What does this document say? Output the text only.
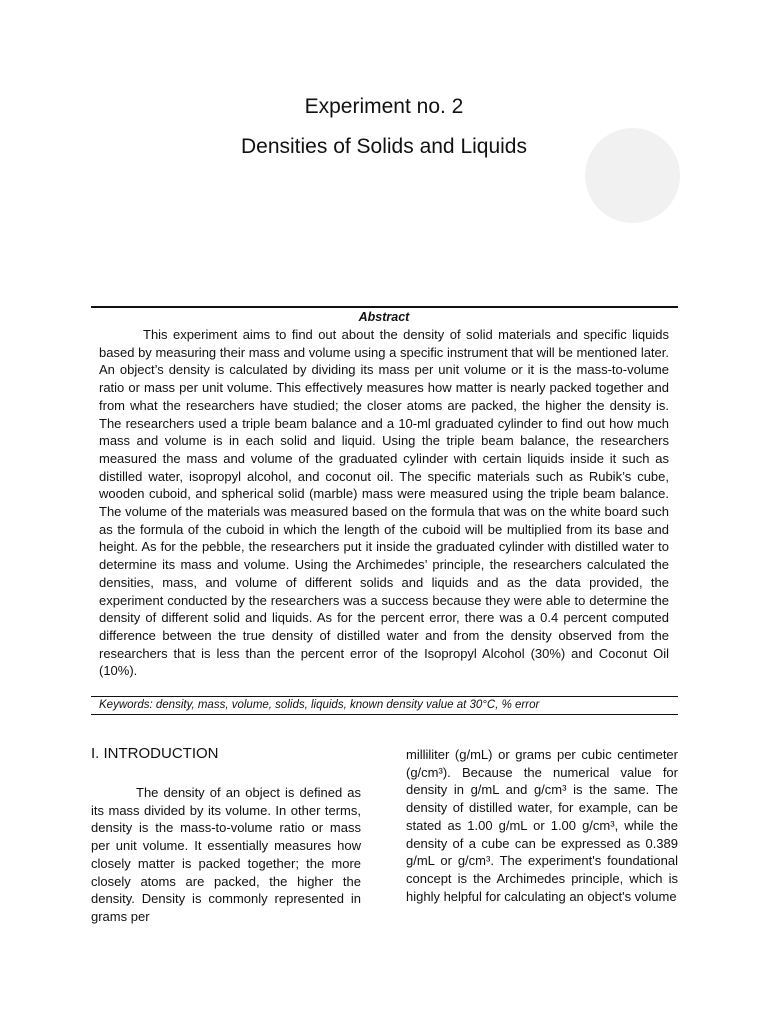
Experiment no. 2
Densities of Solids and Liquids
Abstract

This experiment aims to find out about the density of solid materials and specific liquids based by measuring their mass and volume using a specific instrument that will be mentioned later. An object’s density is calculated by dividing its mass per unit volume or it is the mass-to-volume ratio or mass per unit volume. This effectively measures how matter is nearly packed together and from what the researchers have studied; the closer atoms are packed, the higher the density is. The researchers used a triple beam balance and a 10-ml graduated cylinder to find out how much mass and volume is in each solid and liquid. Using the triple beam balance, the researchers measured the mass and volume of the graduated cylinder with certain liquids inside it such as distilled water, isopropyl alcohol, and coconut oil. The specific materials such as Rubik’s cube, wooden cuboid, and spherical solid (marble) mass were measured using the triple beam balance. The volume of the materials was measured based on the formula that was on the white board such as the formula of the cuboid in which the length of the cuboid will be multiplied from its base and height. As for the pebble, the researchers put it inside the graduated cylinder with distilled water to determine its mass and volume. Using the Archimedes’ principle, the researchers calculated the densities, mass, and volume of different solids and liquids and as the data provided, the experiment conducted by the researchers was a success because they were able to determine the density of different solid and liquids. As for the percent error, there was a 0.4 percent computed difference between the true density of distilled water and from the density observed from the researchers that is less than the percent error of the Isopropyl Alcohol (30%) and Coconut Oil (10%).

Keywords: density, mass, volume, solids, liquids, known density value at 30°C, % error
I. INTRODUCTION

The density of an object is defined as its mass divided by its volume. In other terms, density is the mass-to-volume ratio or mass per unit volume. It essentially measures how closely matter is packed together; the more closely atoms are packed, the higher the density. Density is commonly represented in grams per

milliliter (g/mL) or grams per cubic centimeter (g/cm³). Because the numerical value for density in g/mL and g/cm³ is the same. The density of distilled water, for example, can be stated as 1.00 g/mL or 1.00 g/cm³, while the density of a cube can be expressed as 0.389 g/mL or g/cm³. The experiment's foundational concept is the Archimedes principle, which is highly helpful for calculating an object's volume
